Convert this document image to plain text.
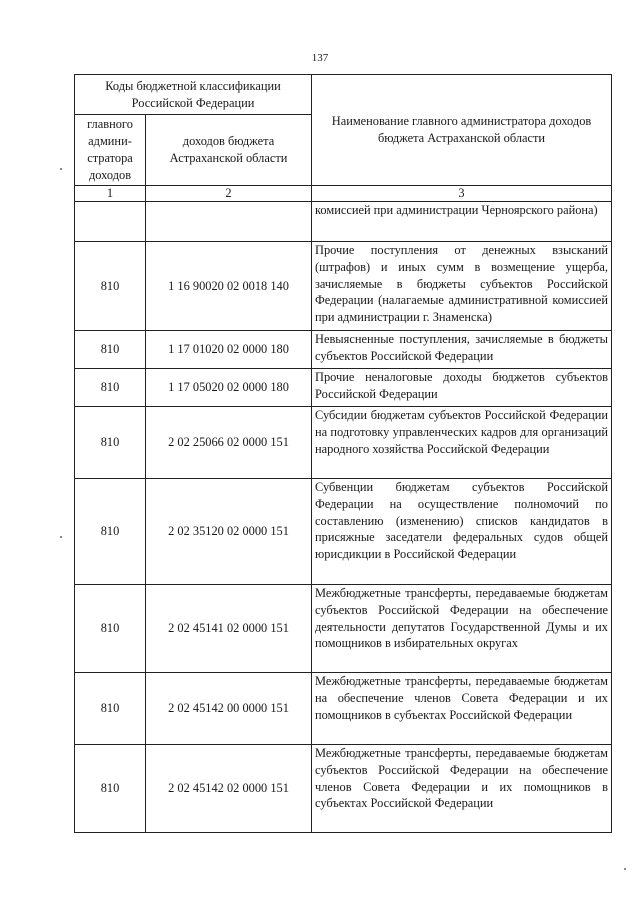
137
Коды бюджетной классификации Российской Федерации		Наименование главного администратора доходов бюджета Астраханской области
главного админи-стратора доходов	доходов бюджета Астраханской области	
1	2	3
		комиссией при администрации Черноярского района)
810	1 16 90020 02 0018 140	Прочие поступления от денежных взысканий (штрафов) и иных сумм в возмещение ущерба, зачисляемые в бюджеты субъектов Российской Федерации (налагаемые административной комиссией при администрации г. Знаменска)
810	1 17 01020 02 0000 180	Невыясненные поступления, зачисляемые в бюджеты субъектов Российской Федерации
810	1 17 05020 02 0000 180	Прочие неналоговые доходы бюджетов субъектов Российской Федерации
810	2 02 25066 02 0000 151	Субсидии бюджетам субъектов Российской Федерации на подготовку управленческих кадров для организаций народного хозяйства Российской Федерации
810	2 02 35120 02 0000 151	Субвенции бюджетам субъектов Российской Федерации на осуществление полномочий по составлению (изменению) списков кандидатов в присяжные заседатели федеральных судов общей юрисдикции в Российской Федерации
810	2 02 45141 02 0000 151	Межбюджетные трансферты, передаваемые бюджетам субъектов Российской Федерации на обеспечение деятельности депутатов Государственной Думы и их помощников в избирательных округах
810	2 02 45142 00 0000 151	Межбюджетные трансферты, передаваемые бюджетам на обеспечение членов Совета Федерации и их помощников в субъектах Российской Федерации
810	2 02 45142 02 0000 151	Межбюджетные трансферты, передаваемые бюджетам субъектов Российской Федерации на обеспечение членов Совета Федерации и их помощников в субъектах Российской Федерации
